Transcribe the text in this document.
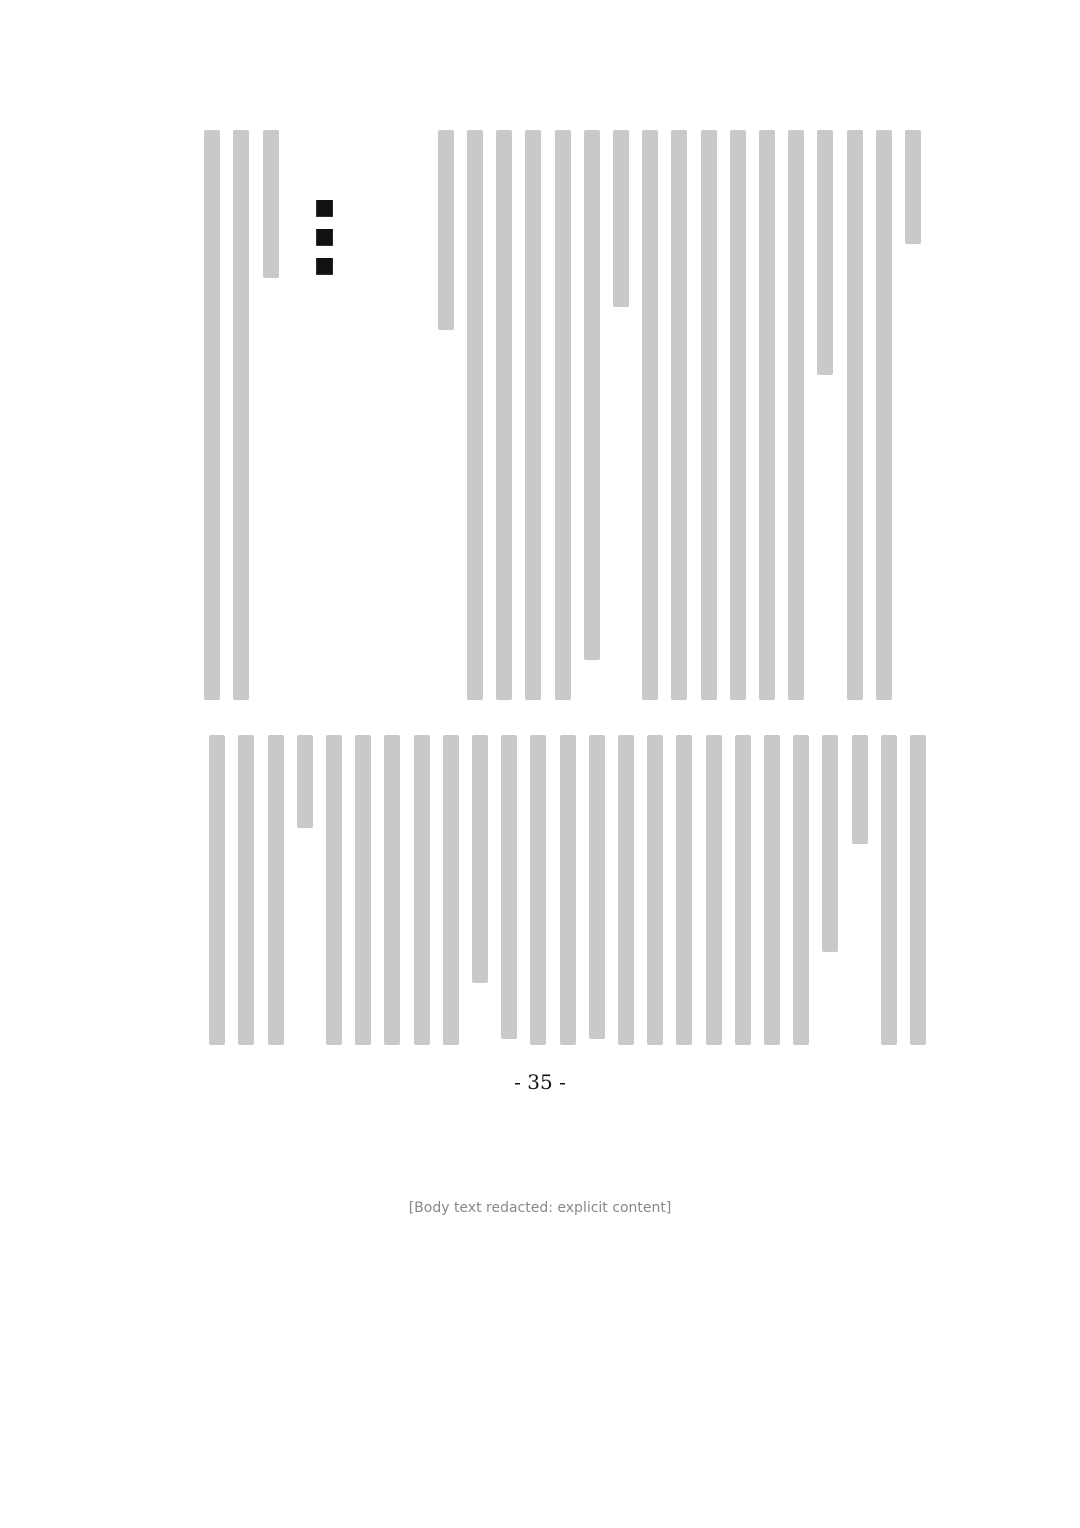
■■■
- 35 -
[Body text redacted: explicit content]
